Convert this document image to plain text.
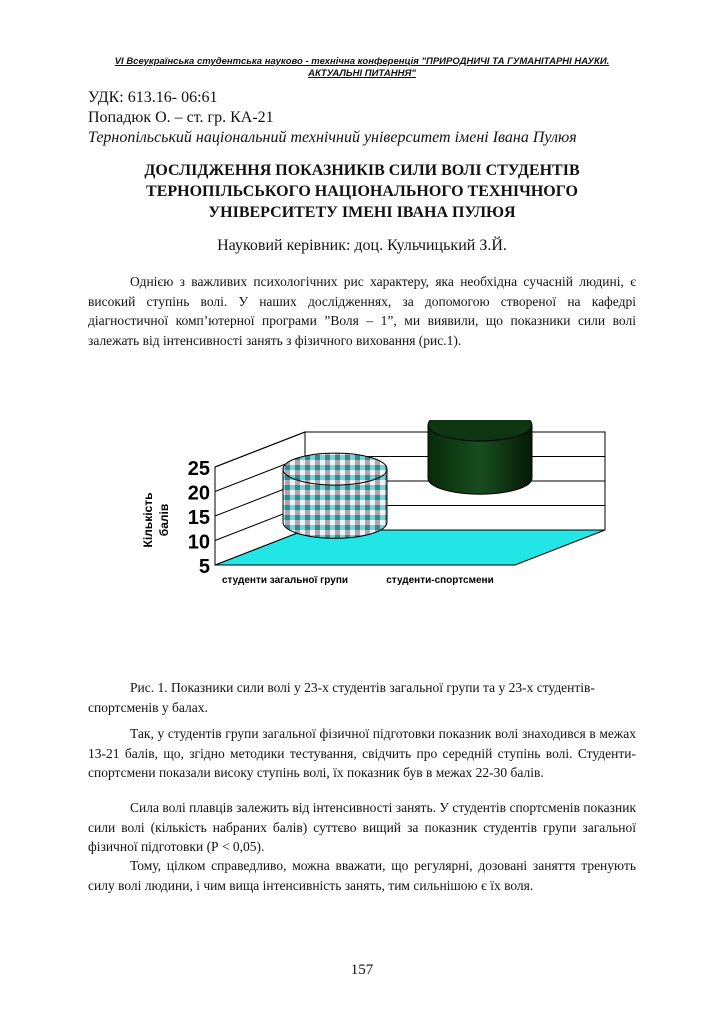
VI Всеукраїнська студентська науково - технічна конференція "ПРИРОДНИЧІ ТА ГУМАНІТАРНІ НАУКИ.
АКТУАЛЬНІ ПИТАННЯ"
УДК: 613.16- 06:61
Попадюк О. – ст. гр. КА-21
Тернопільський національний технічний університет імені Івана Пулюя
ДОСЛІДЖЕННЯ ПОКАЗНИКІВ СИЛИ ВОЛІ СТУДЕНТІВ
ТЕРНОПІЛЬСЬКОГО НАЦІОНАЛЬНОГО ТЕХНІЧНОГО
УНІВЕРСИТЕТУ ІМЕНІ ІВАНА ПУЛЮЯ
Науковий керівник: доц. Кульчицький З.Й.
Однією з важливих психологічних рис характеру, яка необхідна сучасній людині, є високий ступінь волі. У наших дослідженнях, за допомогою створеної на кафедрі діагностичної комп’ютерної програми ”Воля – 1”, ми виявили, що показники сили волі залежать від інтенсивності занять з фізичного виховання (рис.1).
5
10
15
20
25
Кількість балів
студенти загальної групи	студенти-спортсмени
Рис. 1. Показники сили волі у 23-х студентів загальної групи та у 23-х студентів-спортсменів у балах.
Так, у студентів групи загальної фізичної підготовки показник волі знаходився в межах 13-21 балів, що, згідно методики тестування, свідчить про середній ступінь волі. Студенти-спортсмени показали високу ступінь волі, їх показник був в межах 22-30 балів.
Сила волі плавців залежить від інтенсивності занять. У студентів спортсменів показник сили волі (кількість набраних балів) суттєво вищий за показник студентів групи загальної фізичної підготовки (Р < 0,05).
Тому, цілком справедливо, можна вважати, що регулярні, дозовані заняття тренують силу волі людини, і чим вища інтенсивність занять, тим сильнішою є їх воля.
157
